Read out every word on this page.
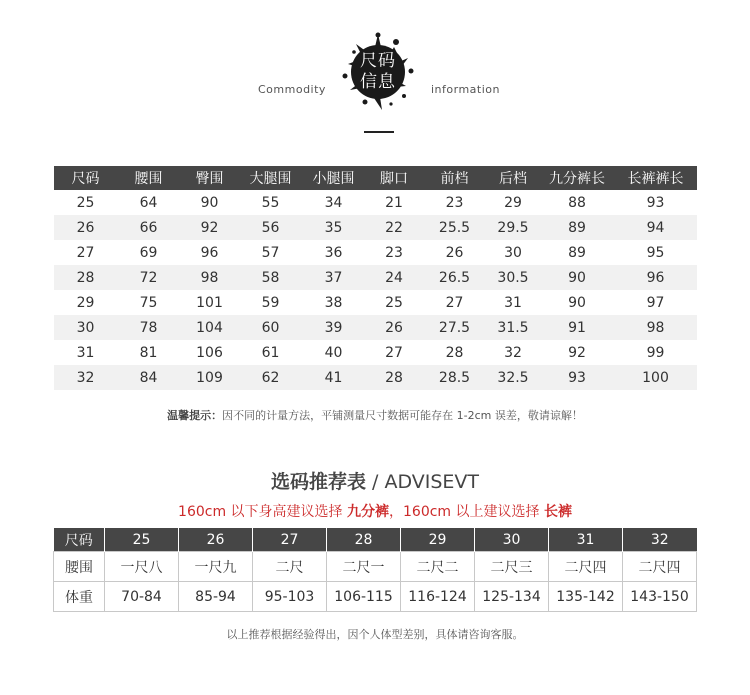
Commodity
尺码
信息	information
尺码	腰围	臀围	大腿围	小腿围	脚口	前档	后档	九分裤长	长裤裤长
25	64	90	55	34	21	23	29	88	93
26	66	92	56	35	22	25.5	29.5	89	94
27	69	96	57	36	23	26	30	89	95
28	72	98	58	37	24	26.5	30.5	90	96
29	75	101	59	38	25	27	31	90	97
30	78	104	60	39	26	27.5	31.5	91	98
31	81	106	61	40	27	28	32	92	99
32	84	109	62	41	28	28.5	32.5	93	100
温馨提示：因不同的计量方法，平铺测量尺寸数据可能存在 1-2cm 误差，敬请谅解！
选码推荐表 / ADVISEVT
160cm 以下身高建议选择 九分裤，160cm 以上建议选择 长裤
尺码	25	26	27	28	29	30	31	32
腰围	一尺八	一尺九	二尺	二尺一	二尺二	二尺三	二尺四	二尺四
体重	70-84	85-94	95-103	106-115	116-124	125-134	135-142	143-150
以上推荐根据经验得出，因个人体型差别，具体请咨询客服。
